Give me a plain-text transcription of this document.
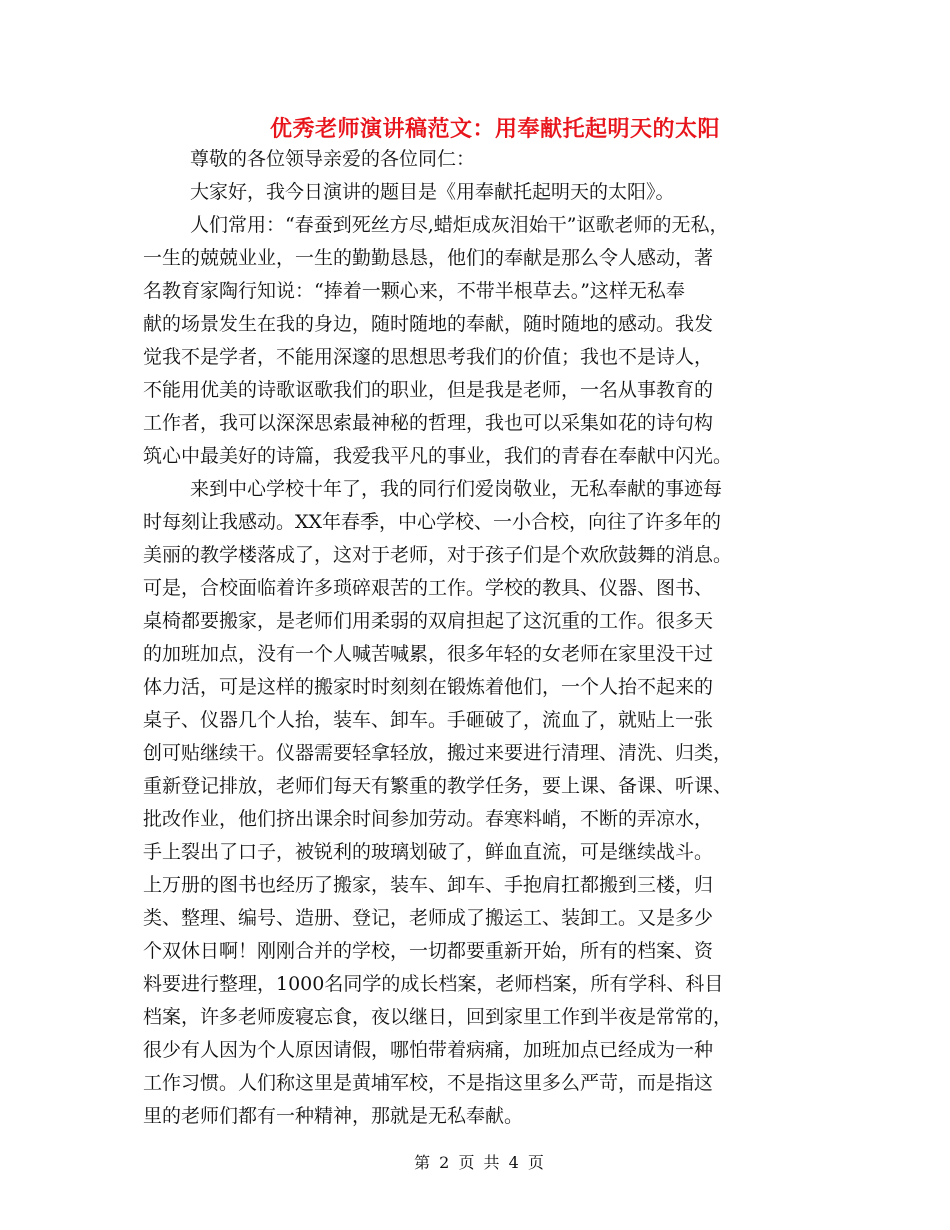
优秀老师演讲稿范文：用奉献托起明天的太阳
尊敬的各位领导亲爱的各位同仁：
大家好，我今日演讲的题目是《用奉献托起明天的太阳》。
人们常用：“春蚕到死丝方尽,蜡炬成灰泪始干”讴歌老师的无私，
一生的兢兢业业，一生的勤勤恳恳，他们的奉献是那么令人感动，著
名教育家陶行知说：“捧着一颗心来，不带半根草去。”这样无私奉
献的场景发生在我的身边，随时随地的奉献，随时随地的感动。我发
觉我不是学者，不能用深邃的思想思考我们的价值；我也不是诗人，
不能用优美的诗歌讴歌我们的职业，但是我是老师，一名从事教育的
工作者，我可以深深思索最神秘的哲理，我也可以采集如花的诗句构
筑心中最美好的诗篇，我爱我平凡的事业，我们的青春在奉献中闪光。
来到中心学校十年了，我的同行们爱岗敬业，无私奉献的事迹每
时每刻让我感动。XX年春季，中心学校、一小合校，向往了许多年的
美丽的教学楼落成了，这对于老师，对于孩子们是个欢欣鼓舞的消息。
可是，合校面临着许多琐碎艰苦的工作。学校的教具、仪器、图书、
桌椅都要搬家，是老师们用柔弱的双肩担起了这沉重的工作。很多天
的加班加点，没有一个人喊苦喊累，很多年轻的女老师在家里没干过
体力活，可是这样的搬家时时刻刻在锻炼着他们，一个人抬不起来的
桌子、仪器几个人抬，装车、卸车。手砸破了，流血了，就贴上一张
创可贴继续干。仪器需要轻拿轻放，搬过来要进行清理、清洗、归类，
重新登记排放，老师们每天有繁重的教学任务，要上课、备课、听课、
批改作业，他们挤出课余时间参加劳动。春寒料峭，不断的弄凉水，
手上裂出了口子，被锐利的玻璃划破了，鲜血直流，可是继续战斗。
上万册的图书也经历了搬家，装车、卸车、手抱肩扛都搬到三楼，归
类、整理、编号、造册、登记，老师成了搬运工、装卸工。又是多少
个双休日啊！刚刚合并的学校，一切都要重新开始，所有的档案、资
料要进行整理，1000名同学的成长档案，老师档案，所有学科、科目
档案，许多老师废寝忘食，夜以继日，回到家里工作到半夜是常常的，
很少有人因为个人原因请假，哪怕带着病痛，加班加点已经成为一种
工作习惯。人们称这里是黄埔军校，不是指这里多么严苛，而是指这
里的老师们都有一种精神，那就是无私奉献。
第 2 页 共 4 页
